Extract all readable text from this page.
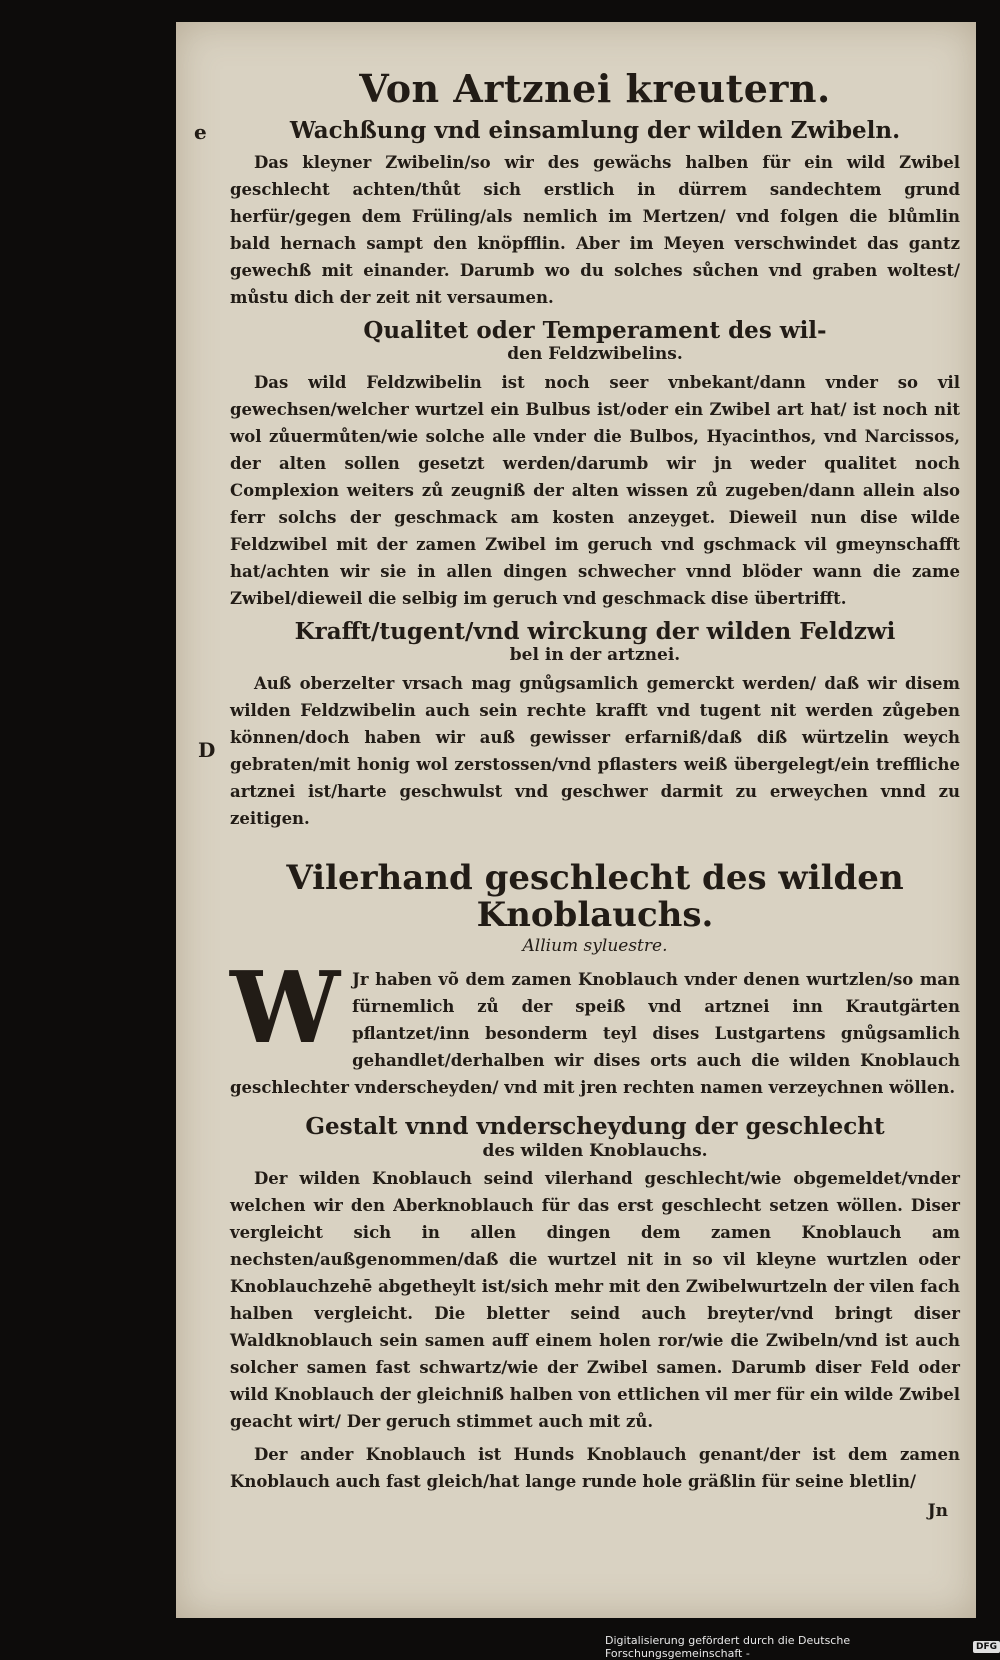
e
D
Von Artznei kreutern.
Wachßung vnd einsamlung der wilden Zwibeln.

Das kleyner Zwibelin/so wir des gewächs halben für ein wild Zwibel geschlecht achten/thůt sich erstlich in dürrem sandechtem grund herfür/gegen dem Früling/als nemlich im Mertzen/ vnd folgen die blůmlin bald hernach sampt den knöpfflin. Aber im Meyen verschwindet das gantz gewechß mit einander. Darumb wo du solches sůchen vnd graben woltest/ můstu dich der zeit nit versaumen.

Qualitet oder Temperament des wil-
den Feldzwibelins.

Das wild Feldzwibelin ist noch seer vnbekant/dann vnder so vil gewechsen/welcher wurtzel ein Bulbus ist/oder ein Zwibel art hat/ ist noch nit wol zůuermůten/wie solche alle vnder die Bulbos, Hyacinthos, vnd Narcissos, der alten sollen gesetzt werden/darumb wir jn weder qualitet noch Complexion weiters zů zeugniß der alten wissen zů zugeben/dann allein also ferr solchs der geschmack am kosten anzeyget. Dieweil nun dise wilde Feldzwibel mit der zamen Zwibel im geruch vnd gschmack vil gmeynschafft hat/achten wir sie in allen dingen schwecher vnnd blöder wann die zame Zwibel/dieweil die selbig im geruch vnd geschmack dise übertrifft.

Krafft/tugent/vnd wirckung der wilden Feldzwi
bel in der artznei.

Auß oberzelter vrsach mag gnůgsamlich gemerckt werden/ daß wir disem wilden Feldzwibelin auch sein rechte krafft vnd tugent nit werden zůgeben können/doch haben wir auß gewisser erfarniß/daß diß würtzelin weych gebraten/mit honig wol zerstossen/vnd pflasters weiß übergelegt/ein treffliche artznei ist/harte geschwulst vnd geschwer darmit zu erweychen vnnd zu zeitigen.

Vilerhand geschlecht des wilden Knoblauchs.
Allium syluestre.
W Jr haben võ dem zamen Knoblauch vnder denen wurtzlen/so man fürnemlich zů der speiß vnd artznei inn Krautgärten pflantzet/inn besonderm teyl dises Lustgartens gnůgsamlich gehandlet/derhalben wir dises orts auch die wilden Knoblauch geschlechter vnderscheyden/ vnd mit jren rechten namen verzeychnen wöllen.

Gestalt vnnd vnderscheydung der geschlecht
des wilden Knoblauchs.

Der wilden Knoblauch seind vilerhand geschlecht/wie obgemeldet/vnder welchen wir den Aberknoblauch für das erst geschlecht setzen wöllen. Diser vergleicht sich in allen dingen dem zamen Knoblauch am nechsten/außgenommen/daß die wurtzel nit in so vil kleyne wurtzlen oder Knoblauchzehē abgetheylt ist/sich mehr mit den Zwibelwurtzeln der vilen fach halben vergleicht. Die bletter seind auch breyter/vnd bringt diser Waldknoblauch sein samen auff einem holen ror/wie die Zwibeln/vnd ist auch solcher samen fast schwartz/wie der Zwibel samen. Darumb diser Feld oder wild Knoblauch der gleichniß halben von ettlichen vil mer für ein wilde Zwibel geacht wirt/ Der geruch stimmet auch mit zů.

Der ander Knoblauch ist Hunds Knoblauch genant/der ist dem zamen Knoblauch auch fast gleich/hat lange runde hole gräßlin für seine bletlin/

Jn
Digitalisierung gefördert durch die Deutsche Forschungsgemeinschaft -	DFG
